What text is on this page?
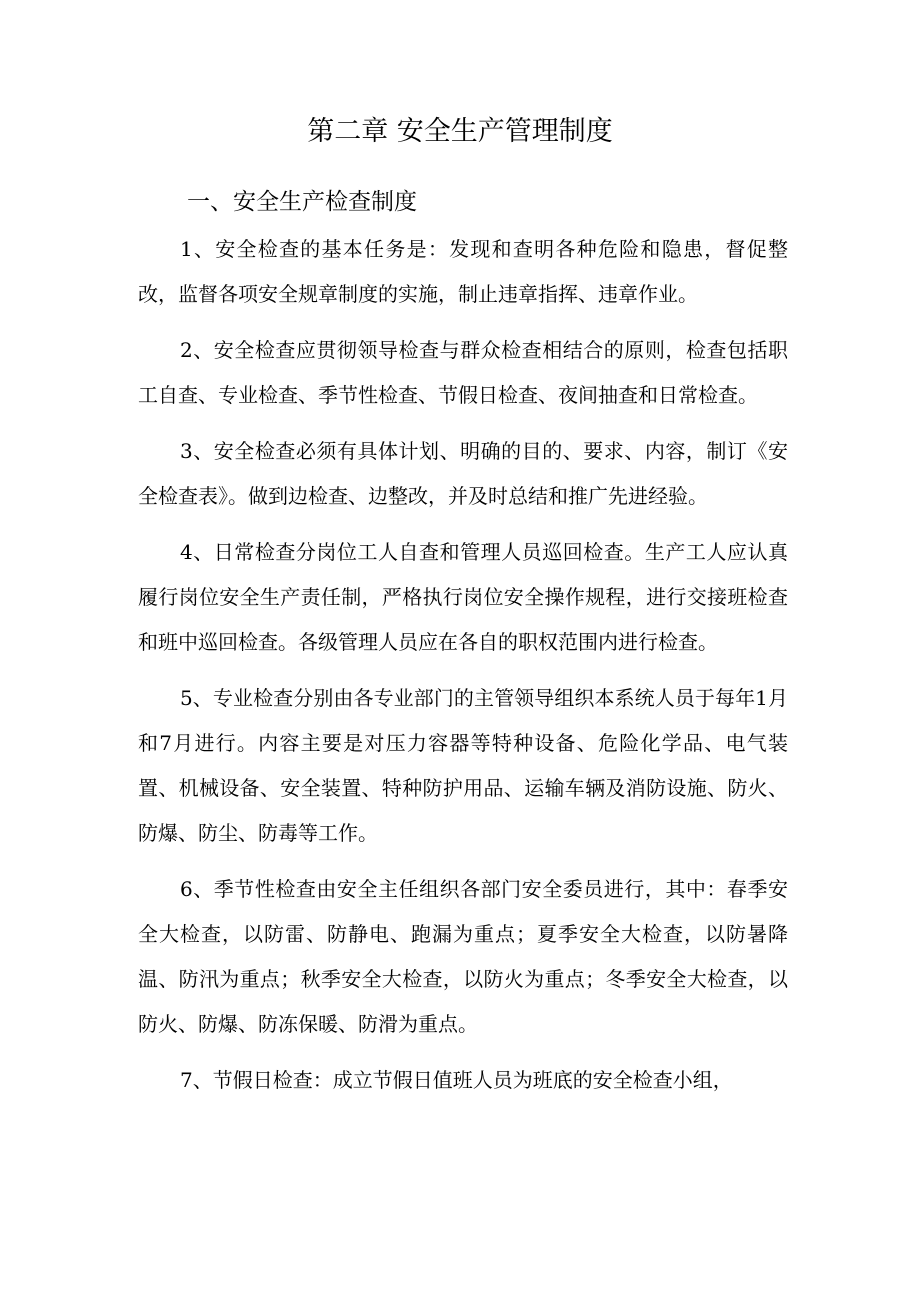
第二章 安全生产管理制度
一、安全生产检查制度

1、安全检查的基本任务是：发现和查明各种危险和隐患，督促整改，监督各项安全规章制度的实施，制止违章指挥、违章作业。

2、安全检查应贯彻领导检查与群众检查相结合的原则，检查包括职工自查、专业检查、季节性检查、节假日检查、夜间抽查和日常检查。

3、安全检查必须有具体计划、明确的目的、要求、内容，制订《安全检查表》。做到边检查、边整改，并及时总结和推广先进经验。

4、日常检查分岗位工人自查和管理人员巡回检查。生产工人应认真履行岗位安全生产责任制，严格执行岗位安全操作规程，进行交接班检查和班中巡回检查。各级管理人员应在各自的职权范围内进行检查。

5、专业检查分别由各专业部门的主管领导组织本系统人员于每年1月和7月进行。内容主要是对压力容器等特种设备、危险化学品、电气装置、机械设备、安全装置、特种防护用品、运输车辆及消防设施、防火、防爆、防尘、防毒等工作。

6、季节性检查由安全主任组织各部门安全委员进行，其中：春季安全大检查，以防雷、防静电、跑漏为重点；夏季安全大检查，以防暑降温、防汛为重点；秋季安全大检查，以防火为重点；冬季安全大检查，以防火、防爆、防冻保暖、防滑为重点。

7、节假日检查：成立节假日值班人员为班底的安全检查小组，
